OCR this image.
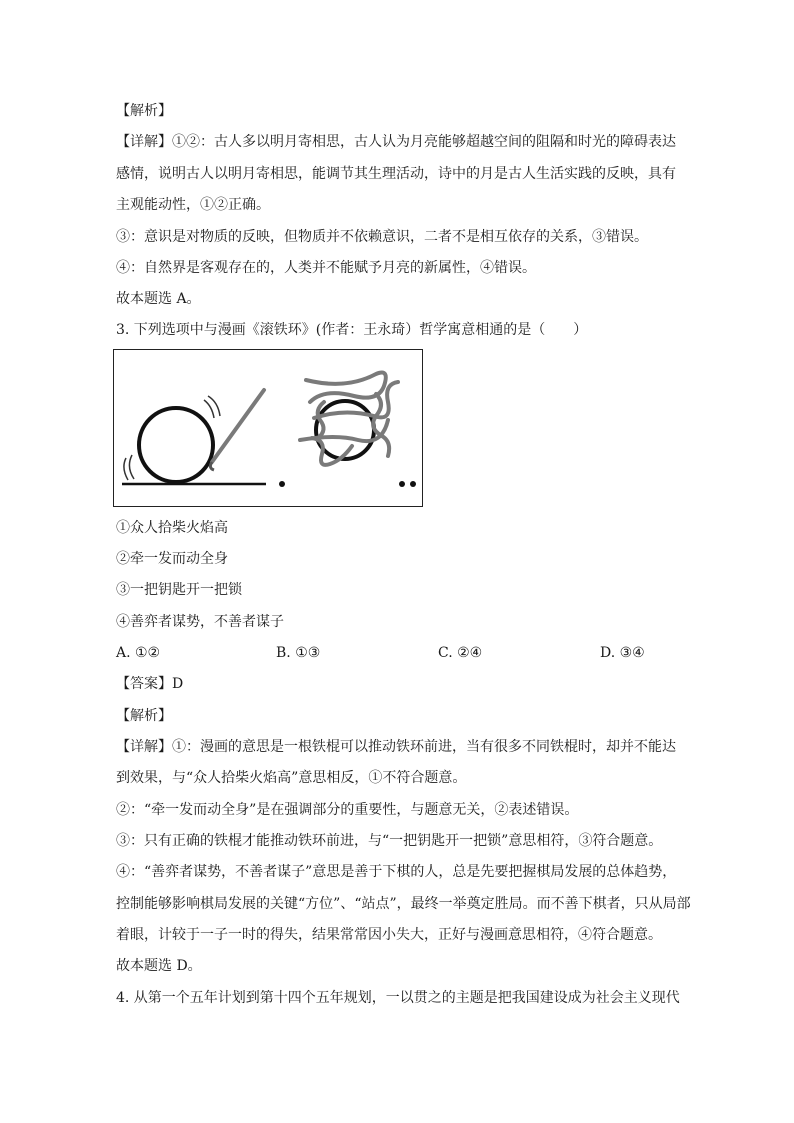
【解析】
【详解】①②：古人多以明月寄相思，古人认为月亮能够超越空间的阻隔和时光的障碍表达
感情，说明古人以明月寄相思，能调节其生理活动，诗中的月是古人生活实践的反映，具有
主观能动性，①②正确。
③：意识是对物质的反映，但物质并不依赖意识，二者不是相互依存的关系，③错误。
④：自然界是客观存在的，人类并不能赋予月亮的新属性，④错误。
故本题选 A。
3. 下列选项中与漫画《滚铁环》(作者：王永琦）哲学寓意相通的是（　　）
①众人拾柴火焰高
②牵一发而动全身
③一把钥匙开一把锁
④善弈者谋势，不善者谋子
A. ①②	B. ①③	C. ②④	D. ③④
【答案】D
【解析】
【详解】①：漫画的意思是一根铁棍可以推动铁环前进，当有很多不同铁棍时，却并不能达
到效果，与“众人拾柴火焰高”意思相反，①不符合题意。
②：“牵一发而动全身”是在强调部分的重要性，与题意无关，②表述错误。
③：只有正确的铁棍才能推动铁环前进，与“一把钥匙开一把锁”意思相符，③符合题意。
④：“善弈者谋势，不善者谋子”意思是善于下棋的人，总是先要把握棋局发展的总体趋势，
控制能够影响棋局发展的关键“方位”、“站点”，最终一举奠定胜局。而不善下棋者，只从局部
着眼，计较于一子一时的得失，结果常常因小失大，正好与漫画意思相符，④符合题意。
故本题选 D。
4. 从第一个五年计划到第十四个五年规划，一以贯之的主题是把我国建设成为社会主义现代
